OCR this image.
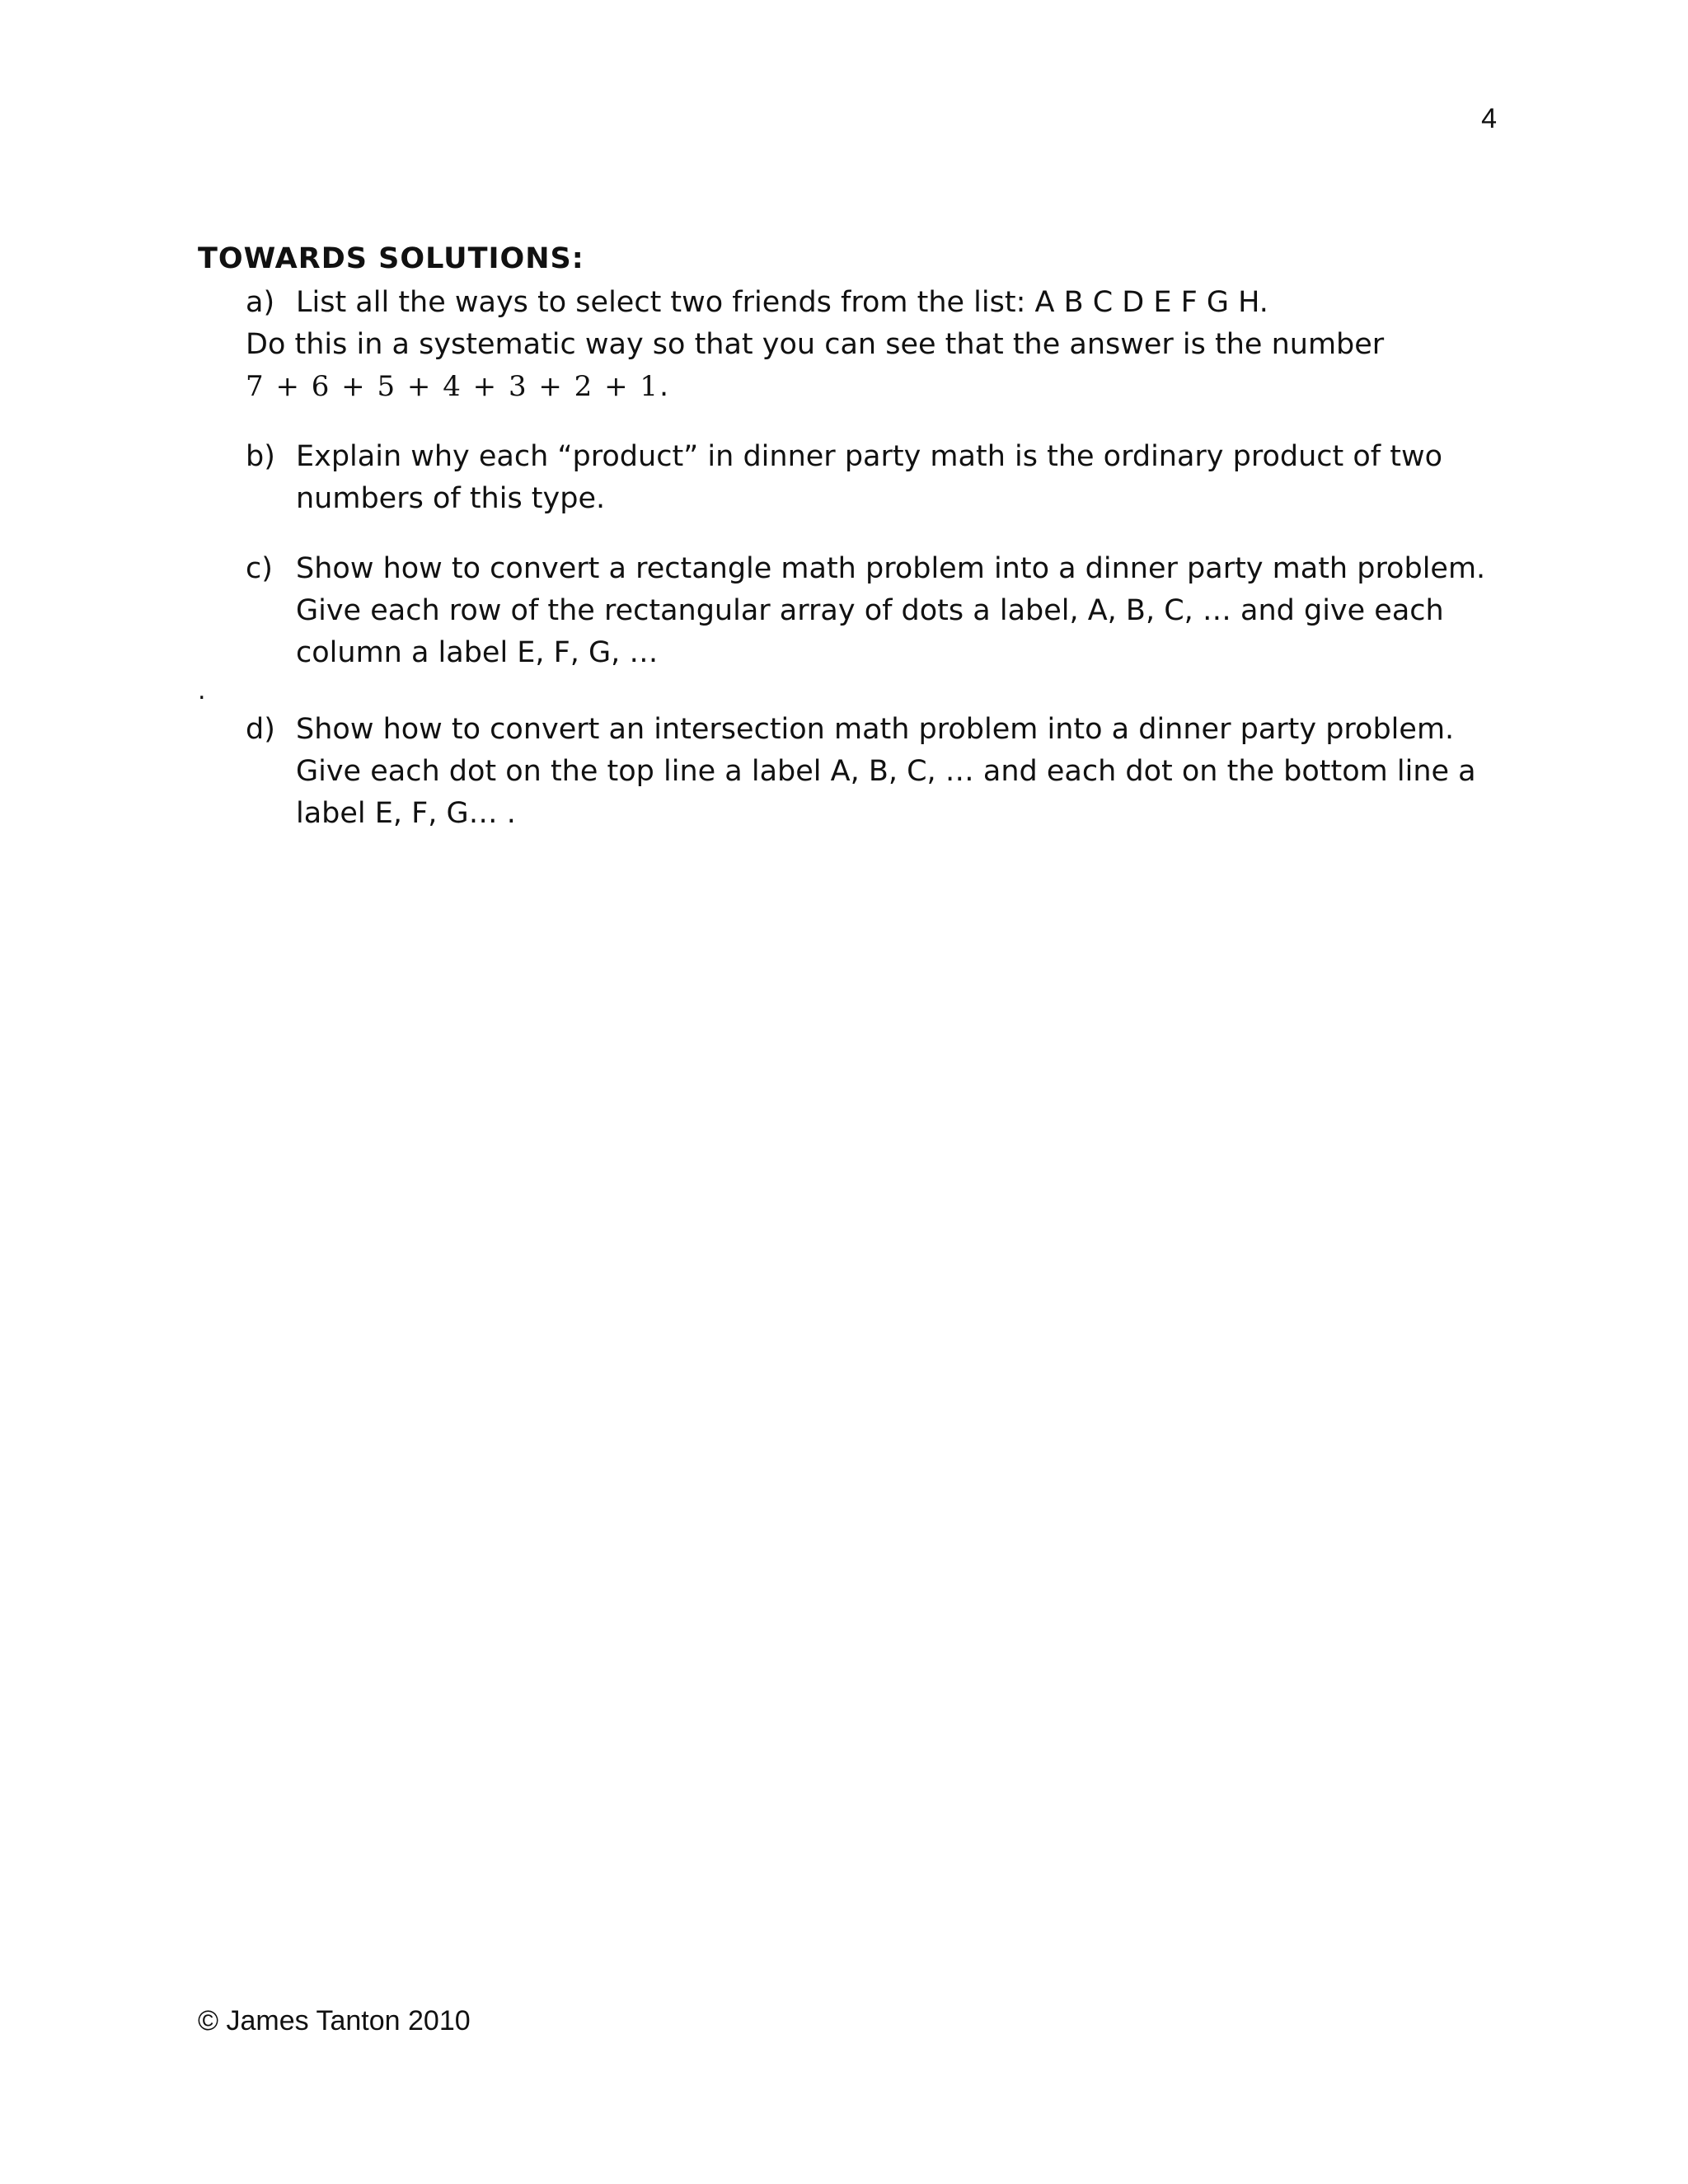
4
TOWARDS SOLUTIONS:
a) List all the ways to select two friends from the list: A B C D E F G H.
Do this in a systematic way so that you can see that the answer is the number
7 + 6 + 5 + 4 + 3 + 2 + 1.
b) Explain why each “product” in dinner party math is the ordinary product of two numbers of this type.
c) Show how to convert a rectangle math problem into a dinner party math problem. Give each row of the rectangular array of dots a label, A, B, C, … and give each column a label E, F, G, …
.
d) Show how to convert an intersection math problem into a dinner party problem. Give each dot on the top line a label A, B, C, … and each dot on the bottom line a label E, F, G… .
© James Tanton 2010
